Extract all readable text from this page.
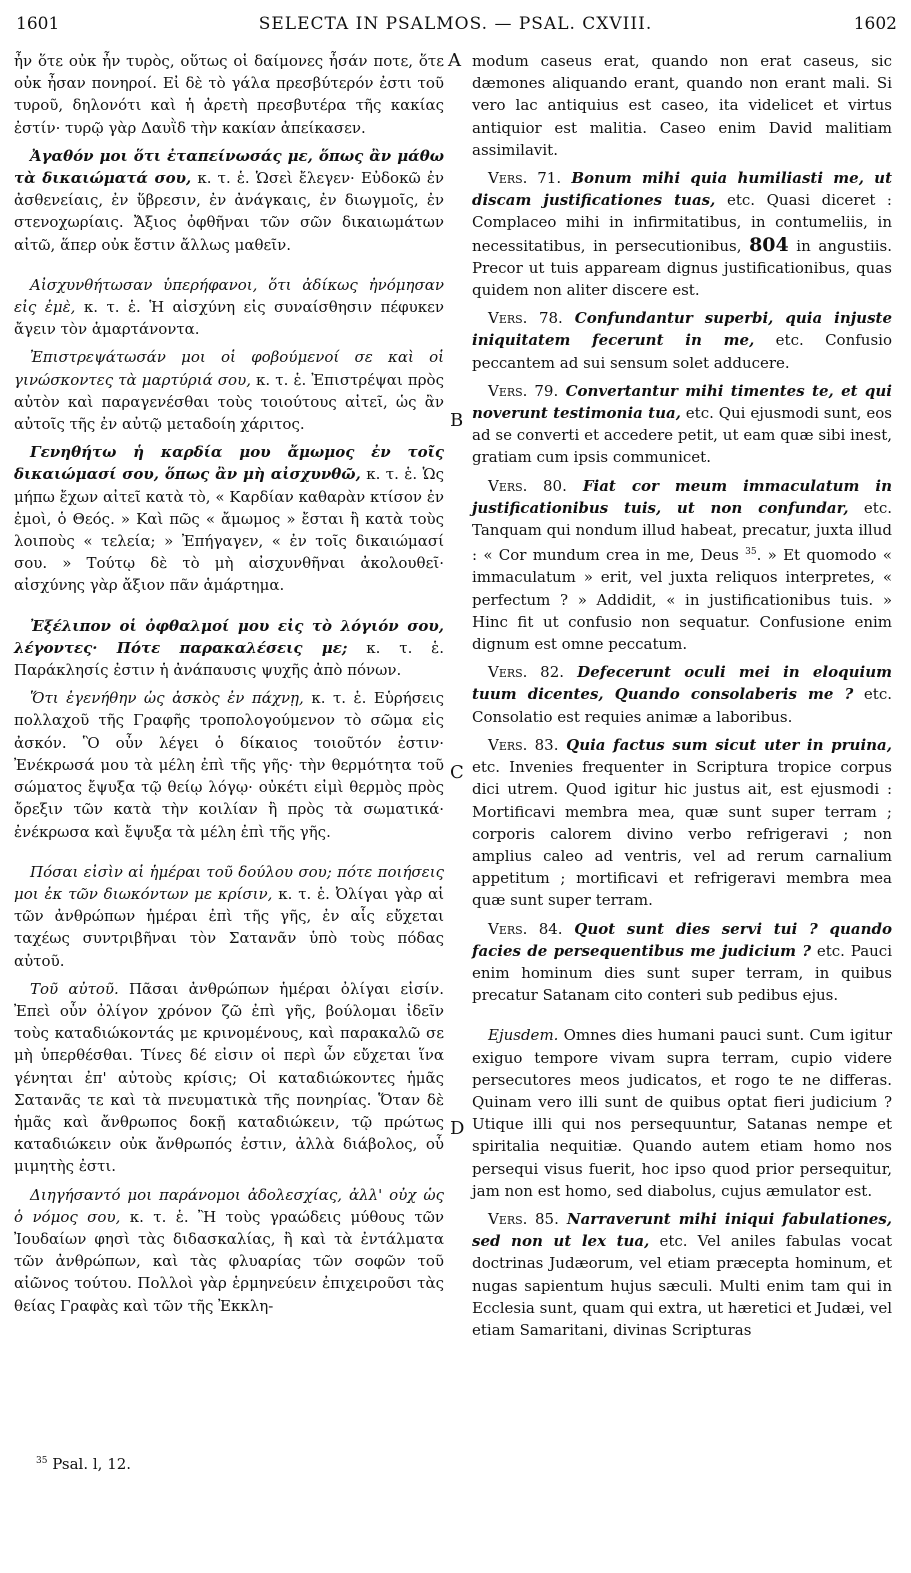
1601	SELECTA IN PSALMOS. — PSAL. CXVIII.	1602
A
B
C
D

ἦν ὅτε οὐκ ἦν τυρὸς, οὕτως οἱ δαίμονες ἦσάν ποτε, ὅτε οὐκ ἦσαν πονηροί. Εἰ δὲ τὸ γάλα πρεσβύτερόν ἐστι τοῦ τυροῦ, δηλονότι καὶ ἡ ἀρετὴ πρεσβυτέρα τῆς κακίας ἐστίν· τυρῷ γὰρ Δαυῒδ τὴν κακίαν ἀπείκασεν.

Ἀγαθόν μοι ὅτι ἐταπείνωσάς με, ὅπως ἂν μάθω τὰ δικαιώματά σου, κ. τ. ἑ. Ὡσεὶ ἔλεγεν· Εὐδοκῶ ἐν ἀσθενείαις, ἐν ὕβρεσιν, ἐν ἀνάγκαις, ἐν διωγμοῖς, ἐν στενοχωρίαις. Ἄξιος ὀφθῆναι τῶν σῶν δικαιωμάτων αἰτῶ, ἅπερ οὐκ ἔστιν ἄλλως μαθεῖν.

Αἰσχυνθήτωσαν ὑπερήφανοι, ὅτι ἀδίκως ἠνόμησαν εἰς ἐμὲ, κ. τ. ἑ. Ἡ αἰσχύνη εἰς συναίσθησιν πέφυκεν ἄγειν τὸν ἁμαρτάνοντα.

Ἐπιστρεψάτωσάν μοι οἱ φοβούμενοί σε καὶ οἱ γινώσκοντες τὰ μαρτύριά σου, κ. τ. ἑ. Ἐπιστρέψαι πρὸς αὐτὸν καὶ παραγενέσθαι τοὺς τοιούτους αἰτεῖ, ὡς ἂν αὐτοῖς τῆς ἐν αὐτῷ μεταδοίη χάριτος.

Γενηθήτω ἡ καρδία μου ἄμωμος ἐν τοῖς δικαιώμασί σου, ὅπως ἂν μὴ αἰσχυνθῶ, κ. τ. ἑ. Ὡς μήπω ἔχων αἰτεῖ κατὰ τὸ, « Καρδίαν καθαρὰν κτίσον ἐν ἐμοὶ, ὁ Θεός. » Καὶ πῶς « ἄμωμος » ἔσται ἢ κατὰ τοὺς λοιποὺς « τελεία; » Ἐπήγαγεν, « ἐν τοῖς δικαιώμασί σου. » Τούτῳ δὲ τὸ μὴ αἰσχυνθῆναι ἀκολουθεῖ· αἰσχύνης γὰρ ἄξιον πᾶν ἁμάρτημα.

Ἐξέλιπον οἱ ὀφθαλμοί μου εἰς τὸ λόγιόν σου, λέγοντες· Πότε παρακαλέσεις με; κ. τ. ἑ. Παράκλησίς ἐστιν ἡ ἀνάπαυσις ψυχῆς ἀπὸ πόνων.

Ὅτι ἐγενήθην ὡς ἀσκὸς ἐν πάχνῃ, κ. τ. ἑ. Εὑρήσεις πολλαχοῦ τῆς Γραφῆς τροπολογούμενον τὸ σῶμα εἰς ἀσκόν. Ὃ οὖν λέγει ὁ δίκαιος τοιοῦτόν ἐστιν· Ἐνέκρωσά μου τὰ μέλη ἐπὶ τῆς γῆς· τὴν θερμότητα τοῦ σώματος ἔψυξα τῷ θείῳ λόγῳ· οὐκέτι εἰμὶ θερμὸς πρὸς ὄρεξιν τῶν κατὰ τὴν κοιλίαν ἢ πρὸς τὰ σωματικά· ἐνέκρωσα καὶ ἔψυξα τὰ μέλη ἐπὶ τῆς γῆς.

Πόσαι εἰσὶν αἱ ἡμέραι τοῦ δούλου σου; πότε ποιήσεις μοι ἐκ τῶν διωκόντων με κρίσιν, κ. τ. ἑ. Ὀλίγαι γὰρ αἱ τῶν ἀνθρώπων ἡμέραι ἐπὶ τῆς γῆς, ἐν αἷς εὔχεται ταχέως συντριβῆναι τὸν Σατανᾶν ὑπὸ τοὺς πόδας αὐτοῦ.

Τοῦ αὐτοῦ. Πᾶσαι ἀνθρώπων ἡμέραι ὀλίγαι εἰσίν. Ἐπεὶ οὖν ὀλίγον χρόνον ζῶ ἐπὶ γῆς, βούλομαι ἰδεῖν τοὺς καταδιώκοντάς με κρινομένους, καὶ παρακαλῶ σε μὴ ὑπερθέσθαι. Τίνες δέ εἰσιν οἱ περὶ ὧν εὔχεται ἵνα γένηται ἐπ' αὐτοὺς κρίσις; Οἱ καταδιώκοντες ἡμᾶς Σατανᾶς τε καὶ τὰ πνευματικὰ τῆς πονηρίας. Ὅταν δὲ ἡμᾶς καὶ ἄνθρωπος δοκῇ καταδιώκειν, τῷ πρώτως καταδιώκειν οὐκ ἄνθρωπός ἐστιν, ἀλλὰ διάβολος, οὗ μιμητὴς ἐστι.

Διηγήσαντό μοι παράνομοι ἀδολεσχίας, ἀλλ' οὐχ ὡς ὁ νόμος σου, κ. τ. ἑ. Ἢ τοὺς γραώδεις μύθους τῶν Ἰουδαίων φησὶ τὰς διδασκαλίας, ἢ καὶ τὰ ἐντάλματα τῶν ἀνθρώπων, καὶ τὰς φλυαρίας τῶν σοφῶν τοῦ αἰῶνος τούτου. Πολλοὶ γὰρ ἑρμηνεύειν ἐπιχειροῦσι τὰς θείας Γραφὰς καὶ τῶν τῆς Ἐκκλη-

modum caseus erat, quando non erat caseus, sic dæmones aliquando erant, quando non erant mali. Si vero lac antiquius est caseo, ita videlicet et virtus antiquior est malitia. Caseo enim David malitiam assimilavit.

Vers. 71. Bonum mihi quia humiliasti me, ut discam justificationes tuas, etc. Quasi diceret : Complaceo mihi in infirmitatibus, in contumeliis, in necessitatibus, in persecutionibus, 804 in angustiis. Precor ut tuis appaream dignus justificationibus, quas quidem non aliter discere est.

Vers. 78. Confundantur superbi, quia injuste iniquitatem fecerunt in me, etc. Confusio peccantem ad sui sensum solet adducere.

Vers. 79. Convertantur mihi timentes te, et qui noverunt testimonia tua, etc. Qui ejusmodi sunt, eos ad se converti et accedere petit, ut eam quæ sibi inest, gratiam cum ipsis communicet.

Vers. 80. Fiat cor meum immaculatum in justificationibus tuis, ut non confundar, etc. Tanquam qui nondum illud habeat, precatur, juxta illud : « Cor mundum crea in me, Deus $^{35}$. » Et quomodo « immaculatum » erit, vel juxta reliquos interpretes, « perfectum ? » Addidit, « in justificationibus tuis. » Hinc fit ut confusio non sequatur. Confusione enim dignum est omne peccatum.

Vers. 82. Defecerunt oculi mei in eloquium tuum dicentes, Quando consolaberis me ? etc. Consolatio est requies animæ a laboribus.

Vers. 83. Quia factus sum sicut uter in pruina, etc. Invenies frequenter in Scriptura tropice corpus dici utrem. Quod igitur hic justus ait, est ejusmodi : Mortificavi membra mea, quæ sunt super terram ; corporis calorem divino verbo refrigeravi ; non amplius caleo ad ventris, vel ad rerum carnalium appetitum ; mortificavi et refrigeravi membra mea quæ sunt super terram.

Vers. 84. Quot sunt dies servi tui ? quando facies de persequentibus me judicium ? etc. Pauci enim hominum dies sunt super terram, in quibus precatur Satanam cito conteri sub pedibus ejus.

Ejusdem. Omnes dies humani pauci sunt. Cum igitur exiguo tempore vivam supra terram, cupio videre persecutores meos judicatos, et rogo te ne differas. Quinam vero illi sunt de quibus optat fieri judicium ? Utique illi qui nos persequuntur, Satanas nempe et spiritalia nequitiæ. Quando autem etiam homo nos persequi visus fuerit, hoc ipso quod prior persequitur, jam non est homo, sed diabolus, cujus æmulator est.

Vers. 85. Narraverunt mihi iniqui fabulationes, sed non ut lex tua, etc. Vel aniles fabulas vocat doctrinas Judæorum, vel etiam præcepta hominum, et nugas sapientum hujus sæculi. Multi enim tam qui in Ecclesia sunt, quam qui extra, ut hæretici et Judæi, vel etiam Samaritani, divinas Scripturas

$^{35}$ Psal. l, 12.
